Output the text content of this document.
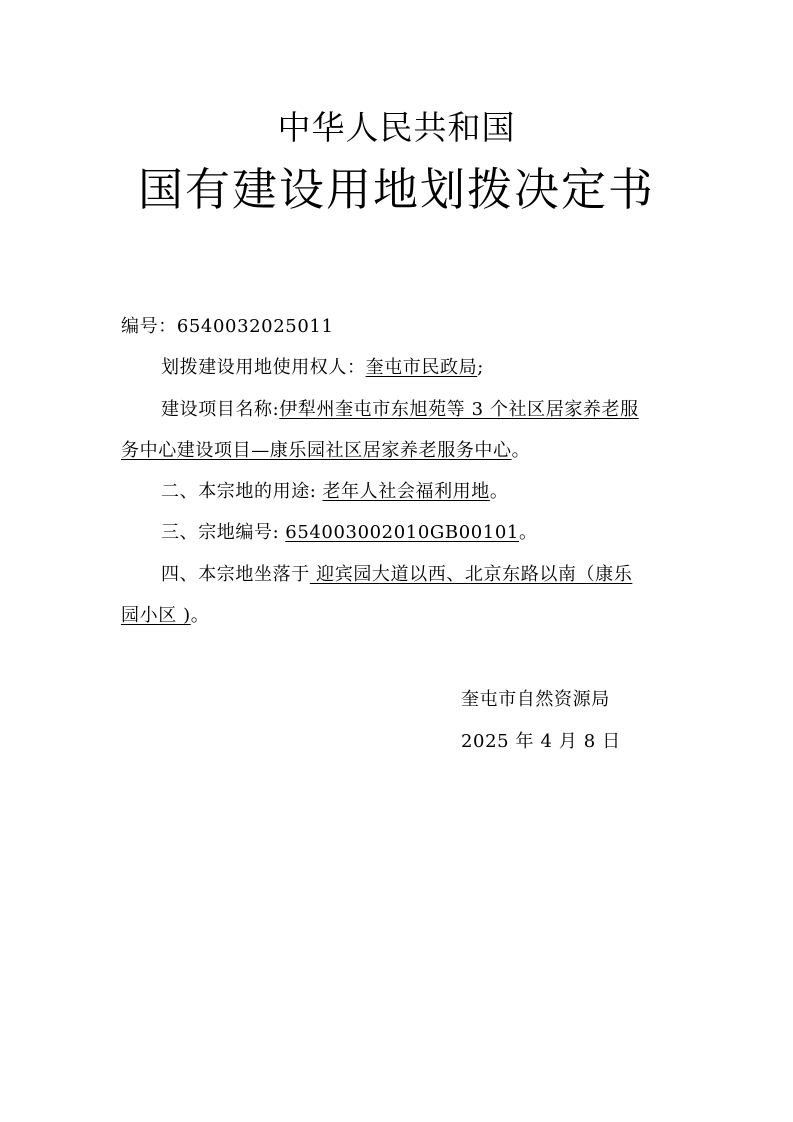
中华人民共和国
国有建设用地划拨决定书
编号：6540032025011
划拨建设用地使用权人：奎屯市民政局;
建设项目名称:伊犁州奎屯市东旭苑等 3 个社区居家养老服
务中心建设项目—康乐园社区居家养老服务中心。
二、本宗地的用途: 老年人社会福利用地。
三、宗地编号: 654003002010GB00101。
四、本宗地坐落于 迎宾园大道以西、北京东路以南（康乐
园小区 )。
奎屯市自然资源局
2025 年 4 月 8 日
